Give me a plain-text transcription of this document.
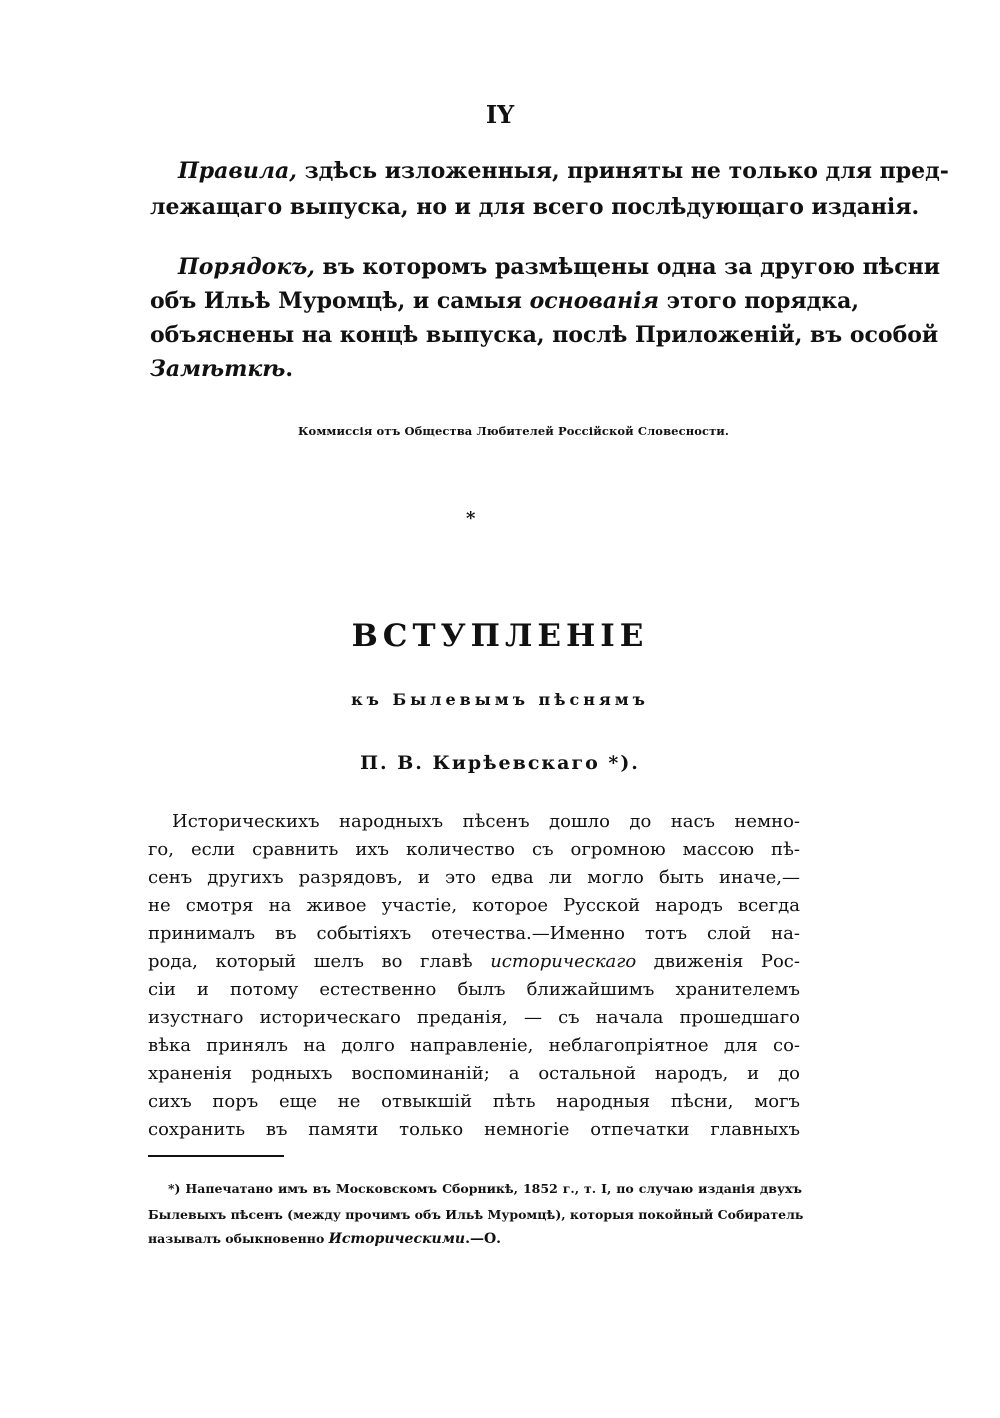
IY
Правила, здѣсь изложенныя, приняты не только для пред-
лежащаго выпуска, но и для всего послѣдующаго изданія.
Порядокъ, въ которомъ размѣщены одна за другою пѣсни
объ Ильѣ Муромцѣ, и самыя основанія этого порядка,
объяснены на концѣ выпуска, послѣ Приложеній, въ особой
Замѣткѣ.
Коммиссія отъ Общества Любителей Россійской Словесности.
*
ВСТУПЛЕНІЕ
къ Былевымъ пѣснямъ
П. В. Кирѣевскаго *).
Историческихъ народныхъ пѣсенъ дошло до насъ немно-
го, если сравнить ихъ количество съ огромною массою пѣ-
сенъ другихъ разрядовъ, и это едва ли могло быть иначе,—
не смотря на живое участіе, которое Русской народъ всегда
принималъ въ событіяхъ отечества.—Именно тотъ слой на-
рода, который шелъ во главѣ историческаго движенія Рос-
сіи и потому естественно былъ ближайшимъ хранителемъ
изустнаго историческаго преданія, — съ начала прошедшаго
вѣка принялъ на долго направленіе, неблагопріятное для со-
храненія родныхъ воспоминаній; а остальной народъ, и до
сихъ поръ еще не отвыкшій пѣть народныя пѣсни, могъ
сохранить въ памяти только немногіе отпечатки главныхъ
*) Напечатано имъ въ Московскомъ Сборникѣ, 1852 г., т. I, по случаю изданія двухъ
Былевыхъ пѣсенъ (между прочимъ объ Ильѣ Муромцѣ), которыя покойный Собиратель
называлъ обыкновенно Историческими.—О.
